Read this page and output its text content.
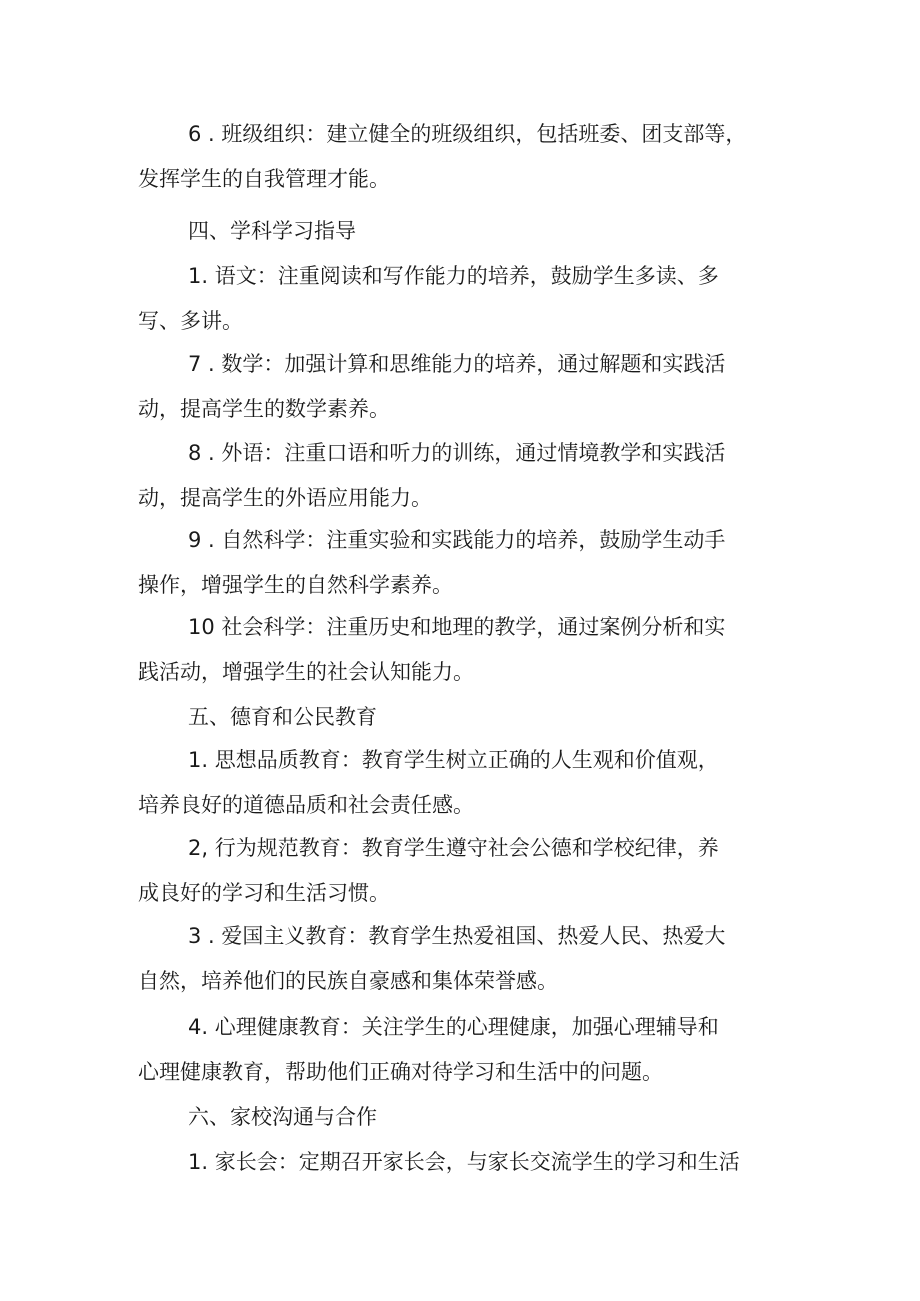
6 . 班级组织：建立健全的班级组织，包括班委、团支部等，
发挥学生的自我管理才能。
四、学科学习指导
1. 语文：注重阅读和写作能力的培养，鼓励学生多读、多
写、多讲。
7 . 数学：加强计算和思维能力的培养，通过解题和实践活
动，提高学生的数学素养。
8 . 外语：注重口语和听力的训练，通过情境教学和实践活
动，提高学生的外语应用能力。
9 . 自然科学：注重实验和实践能力的培养，鼓励学生动手
操作，增强学生的自然科学素养。
10 社会科学：注重历史和地理的教学，通过案例分析和实
践活动，增强学生的社会认知能力。
五、德育和公民教育
1. 思想品质教育：教育学生树立正确的人生观和价值观，
培养良好的道德品质和社会责任感。
2, 行为规范教育：教育学生遵守社会公德和学校纪律，养
成良好的学习和生活习惯。
3 . 爱国主义教育：教育学生热爱祖国、热爱人民、热爱大
自然，培养他们的民族自豪感和集体荣誉感。
4. 心理健康教育：关注学生的心理健康，加强心理辅导和
心理健康教育，帮助他们正确对待学习和生活中的问题。
六、家校沟通与合作
1. 家长会：定期召开家长会，与家长交流学生的学习和生活
